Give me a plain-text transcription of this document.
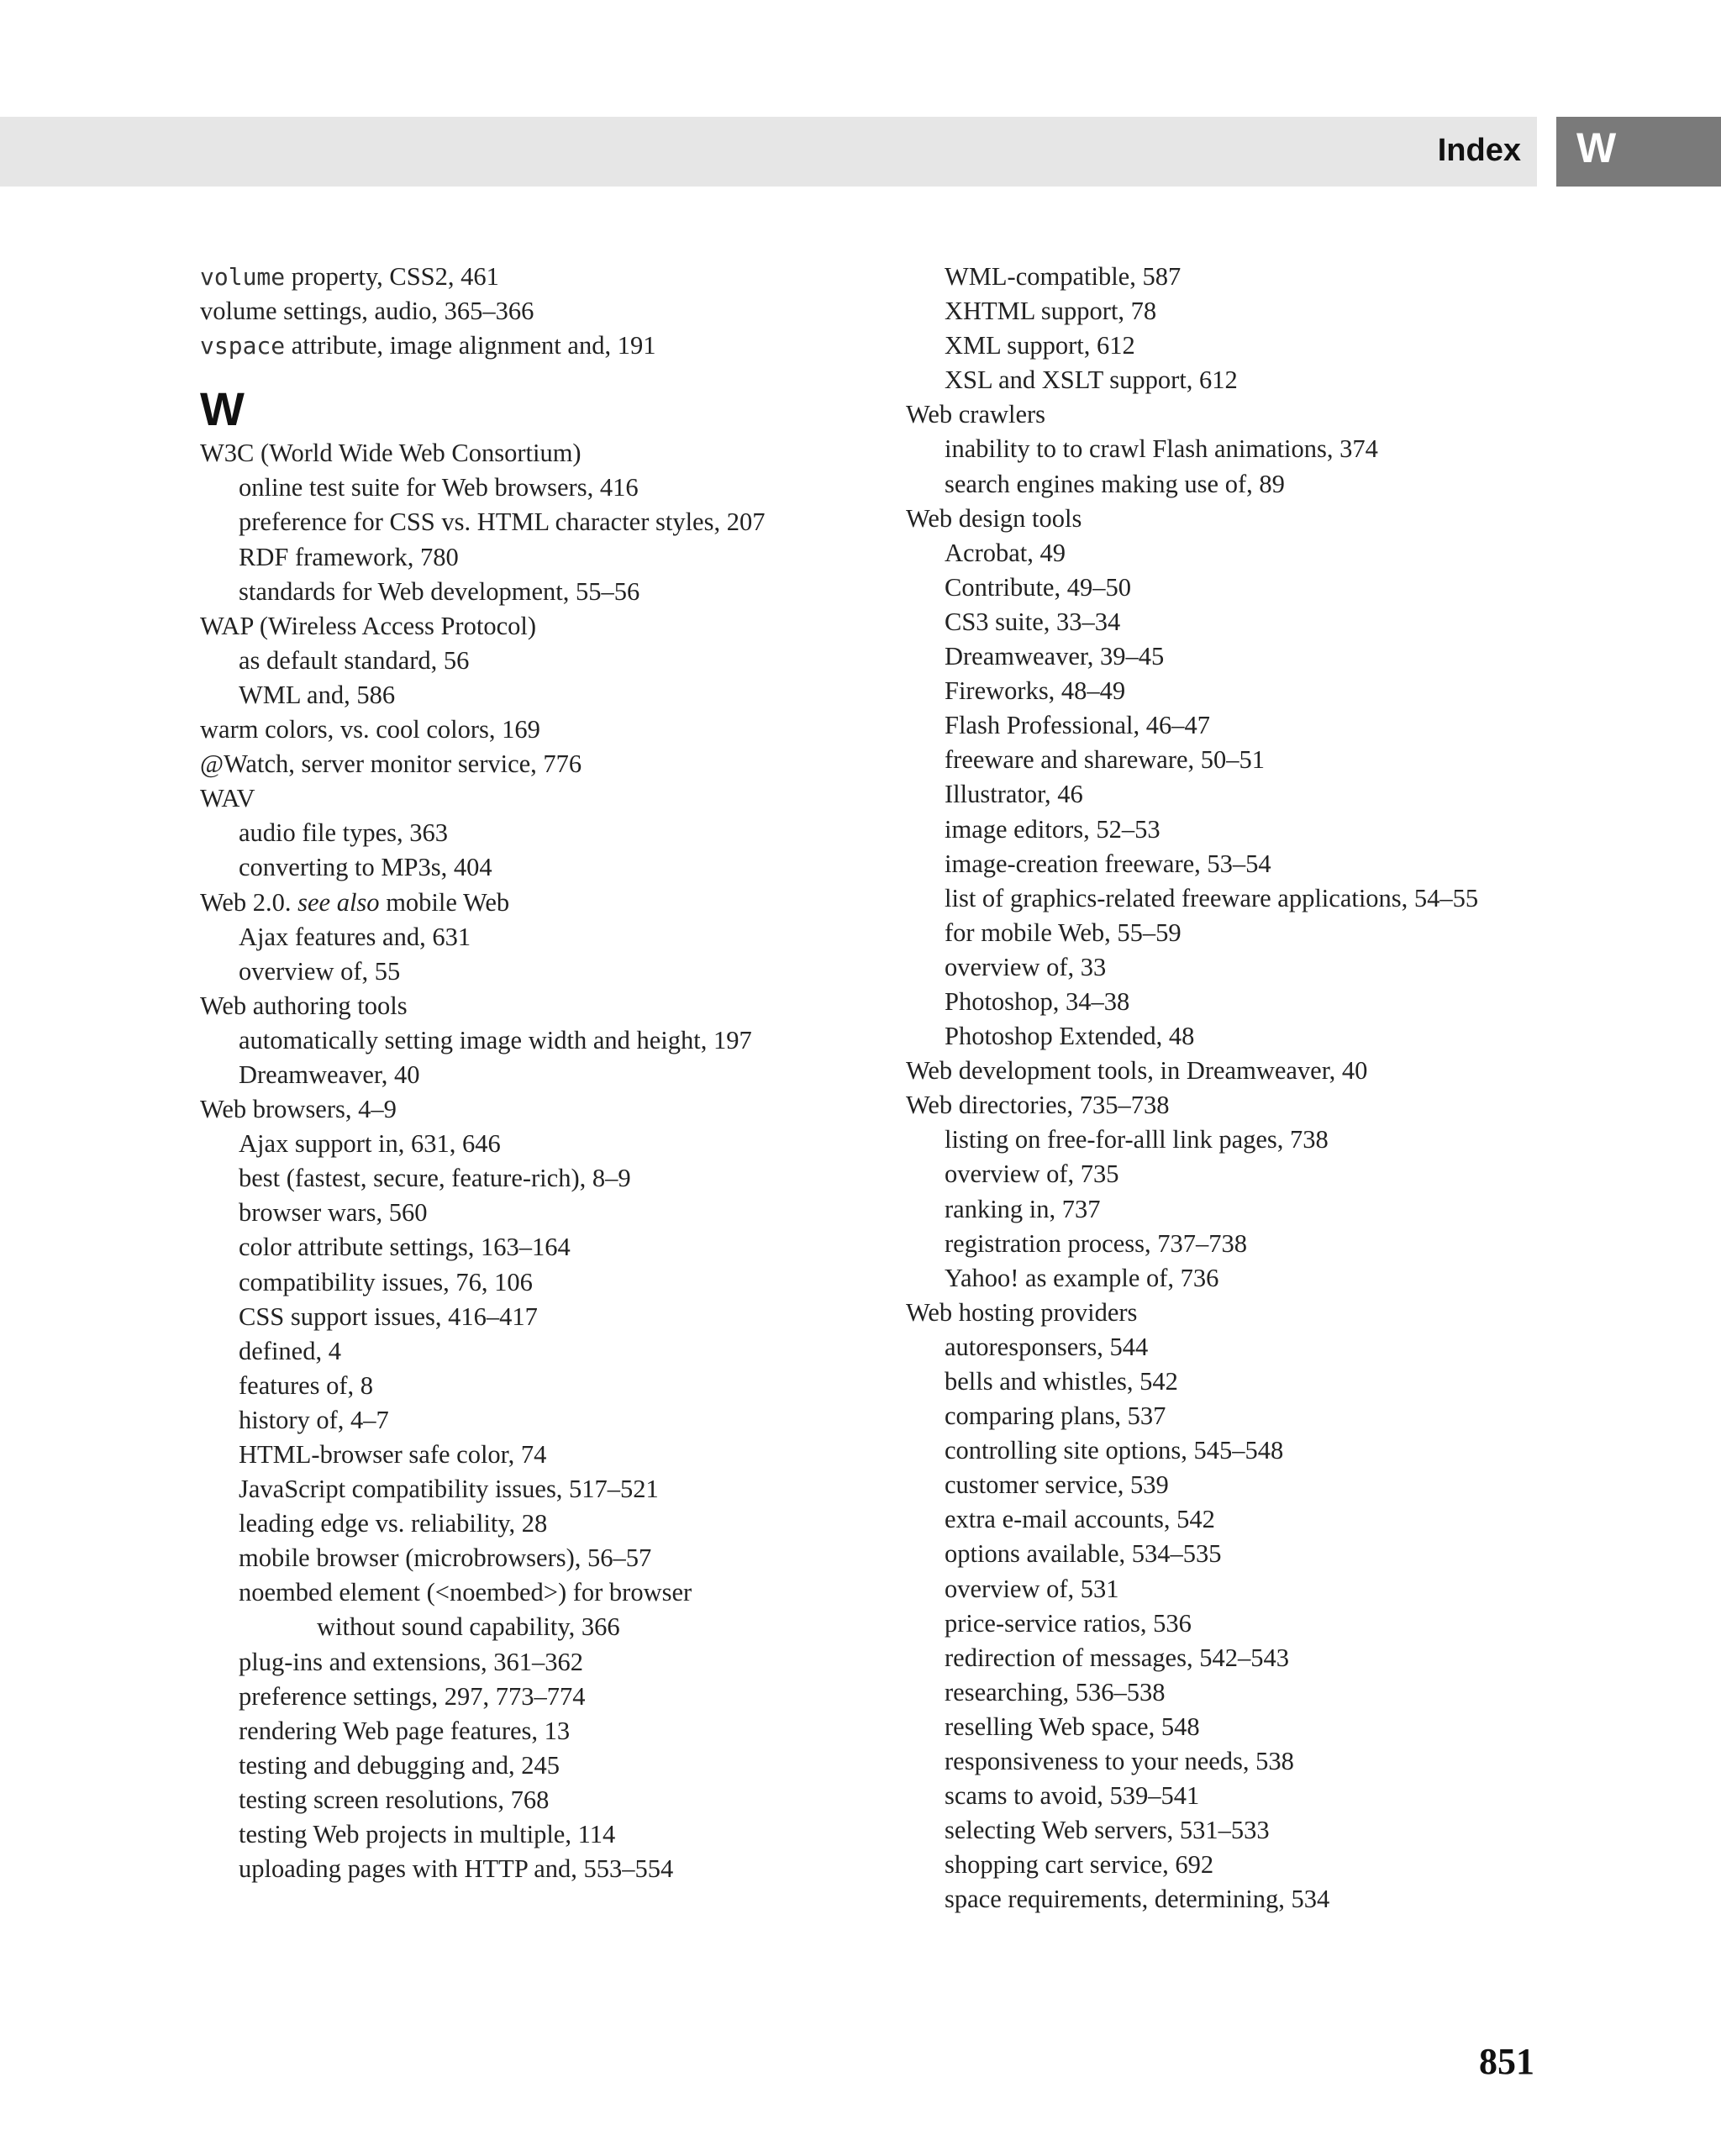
Index W
volume property, CSS2, 461
volume settings, audio, 365–366
vspace attribute, image alignment and, 191
W
W3C (World Wide Web Consortium)
online test suite for Web browsers, 416
preference for CSS vs. HTML character styles, 207
RDF framework, 780
standards for Web development, 55–56
WAP (Wireless Access Protocol)
as default standard, 56
WML and, 586
warm colors, vs. cool colors, 169
@Watch, server monitor service, 776
WAV
audio file types, 363
converting to MP3s, 404
Web 2.0. see also mobile Web
Ajax features and, 631
overview of, 55
Web authoring tools
automatically setting image width and height, 197
Dreamweaver, 40
Web browsers, 4–9
Ajax support in, 631, 646
best (fastest, secure, feature-rich), 8–9
browser wars, 560
color attribute settings, 163–164
compatibility issues, 76, 106
CSS support issues, 416–417
defined, 4
features of, 8
history of, 4–7
HTML-browser safe color, 74
JavaScript compatibility issues, 517–521
leading edge vs. reliability, 28
mobile browser (microbrowsers), 56–57
noembed element (<noembed>) for browser
without sound capability, 366
plug-ins and extensions, 361–362
preference settings, 297, 773–774
rendering Web page features, 13
testing and debugging and, 245
testing screen resolutions, 768
testing Web projects in multiple, 114
uploading pages with HTTP and, 553–554
WML-compatible, 587
XHTML support, 78
XML support, 612
XSL and XSLT support, 612
Web crawlers
inability to to crawl Flash animations, 374
search engines making use of, 89
Web design tools
Acrobat, 49
Contribute, 49–50
CS3 suite, 33–34
Dreamweaver, 39–45
Fireworks, 48–49
Flash Professional, 46–47
freeware and shareware, 50–51
Illustrator, 46
image editors, 52–53
image-creation freeware, 53–54
list of graphics-related freeware applications, 54–55
for mobile Web, 55–59
overview of, 33
Photoshop, 34–38
Photoshop Extended, 48
Web development tools, in Dreamweaver, 40
Web directories, 735–738
listing on free-for-alll link pages, 738
overview of, 735
ranking in, 737
registration process, 737–738
Yahoo! as example of, 736
Web hosting providers
autoresponsers, 544
bells and whistles, 542
comparing plans, 537
controlling site options, 545–548
customer service, 539
extra e-mail accounts, 542
options available, 534–535
overview of, 531
price-service ratios, 536
redirection of messages, 542–543
researching, 536–538
reselling Web space, 548
responsiveness to your needs, 538
scams to avoid, 539–541
selecting Web servers, 531–533
shopping cart service, 692
space requirements, determining, 534
851
